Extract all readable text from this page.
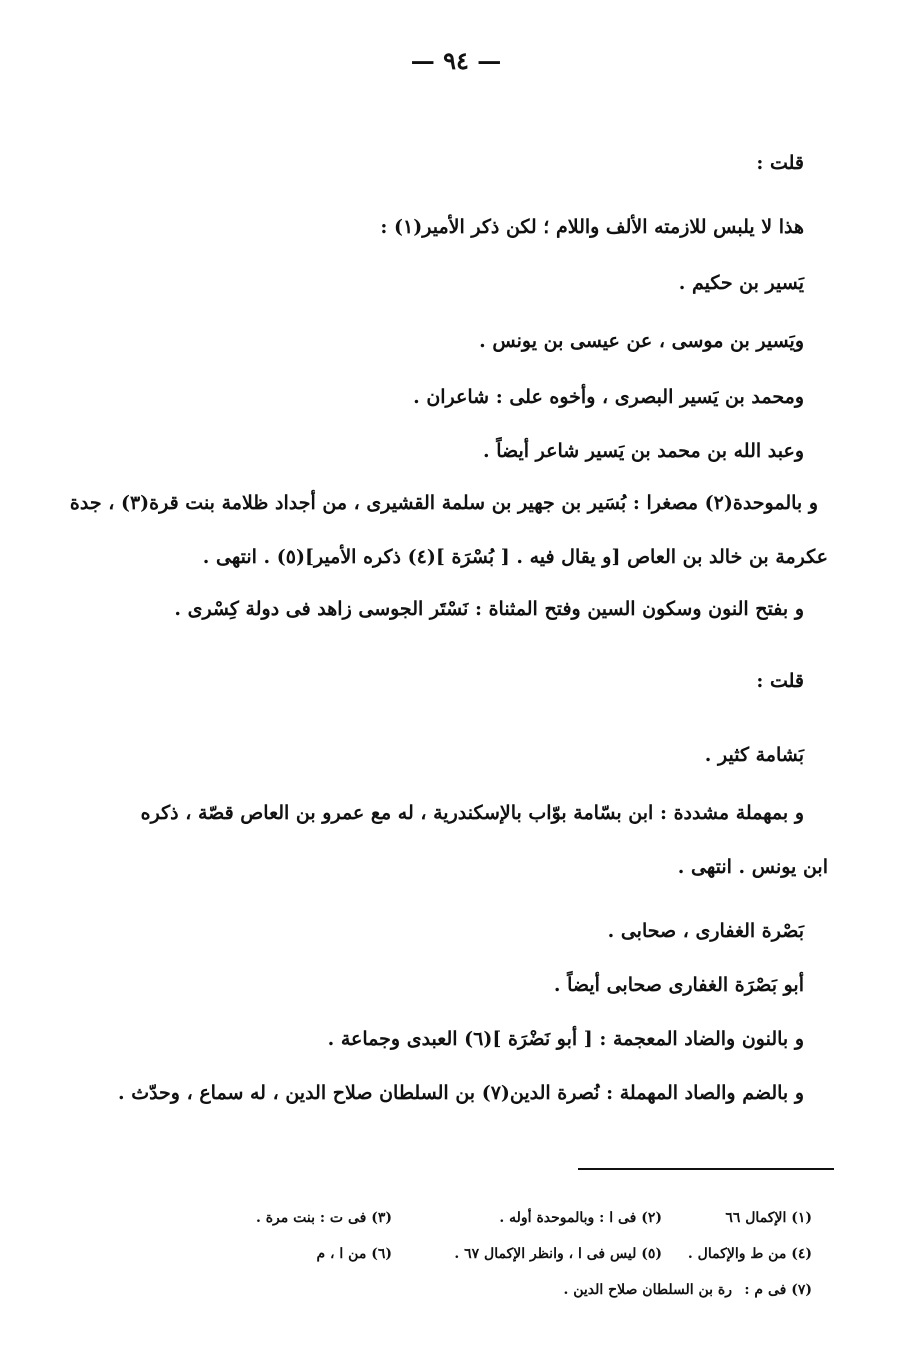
— ٩٤ —
قلت :
هذا لا يلبس للازمته الألف واللام ؛ لكن ذكر الأمير(١) :
يَسير بن حكيم .
ويَسير بن موسى ، عن عيسى بن يونس .
ومحمد بن يَسير البصرى ، وأخوه على : شاعران .
وعبد الله بن محمد بن يَسير شاعر أيضاً .
و بالموحدة(٢) مصغرا : بُسَير بن جهير بن سلمة القشيرى ، من أجداد ظلامة بنت قرة(٣) ، جدة
عكرمة بن خالد بن العاص [و يقال فيه . [ بُسْرَة ](٤) ذكره الأمير](٥) . انتهى .
و بفتح النون وسكون السين وفتح المثناة : نَسْتَر الجوسى زاهد فى دولة كِسْرى .
قلت :
بَشامة كثير .
و بمهملة مشددة : ابن بسّامة بوّاب بالإسكندرية ، له مع عمرو بن العاص قصّة ، ذكره
ابن يونس . انتهى .
بَصْرة الغفارى ، صحابى .
أبو بَصْرَة الغفارى صحابى أيضاً .
و بالنون والضاد المعجمة : [ أبو نَضْرَة ](٦) العبدى وجماعة .
و بالضم والصاد المهملة : نُصرة الدين(٧) بن السلطان صلاح الدين ، له سماع ، وحدّث .
(١) الإكمال ٦٦
(٢) فى ا : وبالموحدة أوله .
(٣) فى ت : بنت مرة .
(٤) من ط والإكمال .
(٥) ليس فى ا ، وانظر الإكمال ٦٧ .
(٦) من ا ، م
(٧) فى م :
رة بن السلطان صلاح الدين .
